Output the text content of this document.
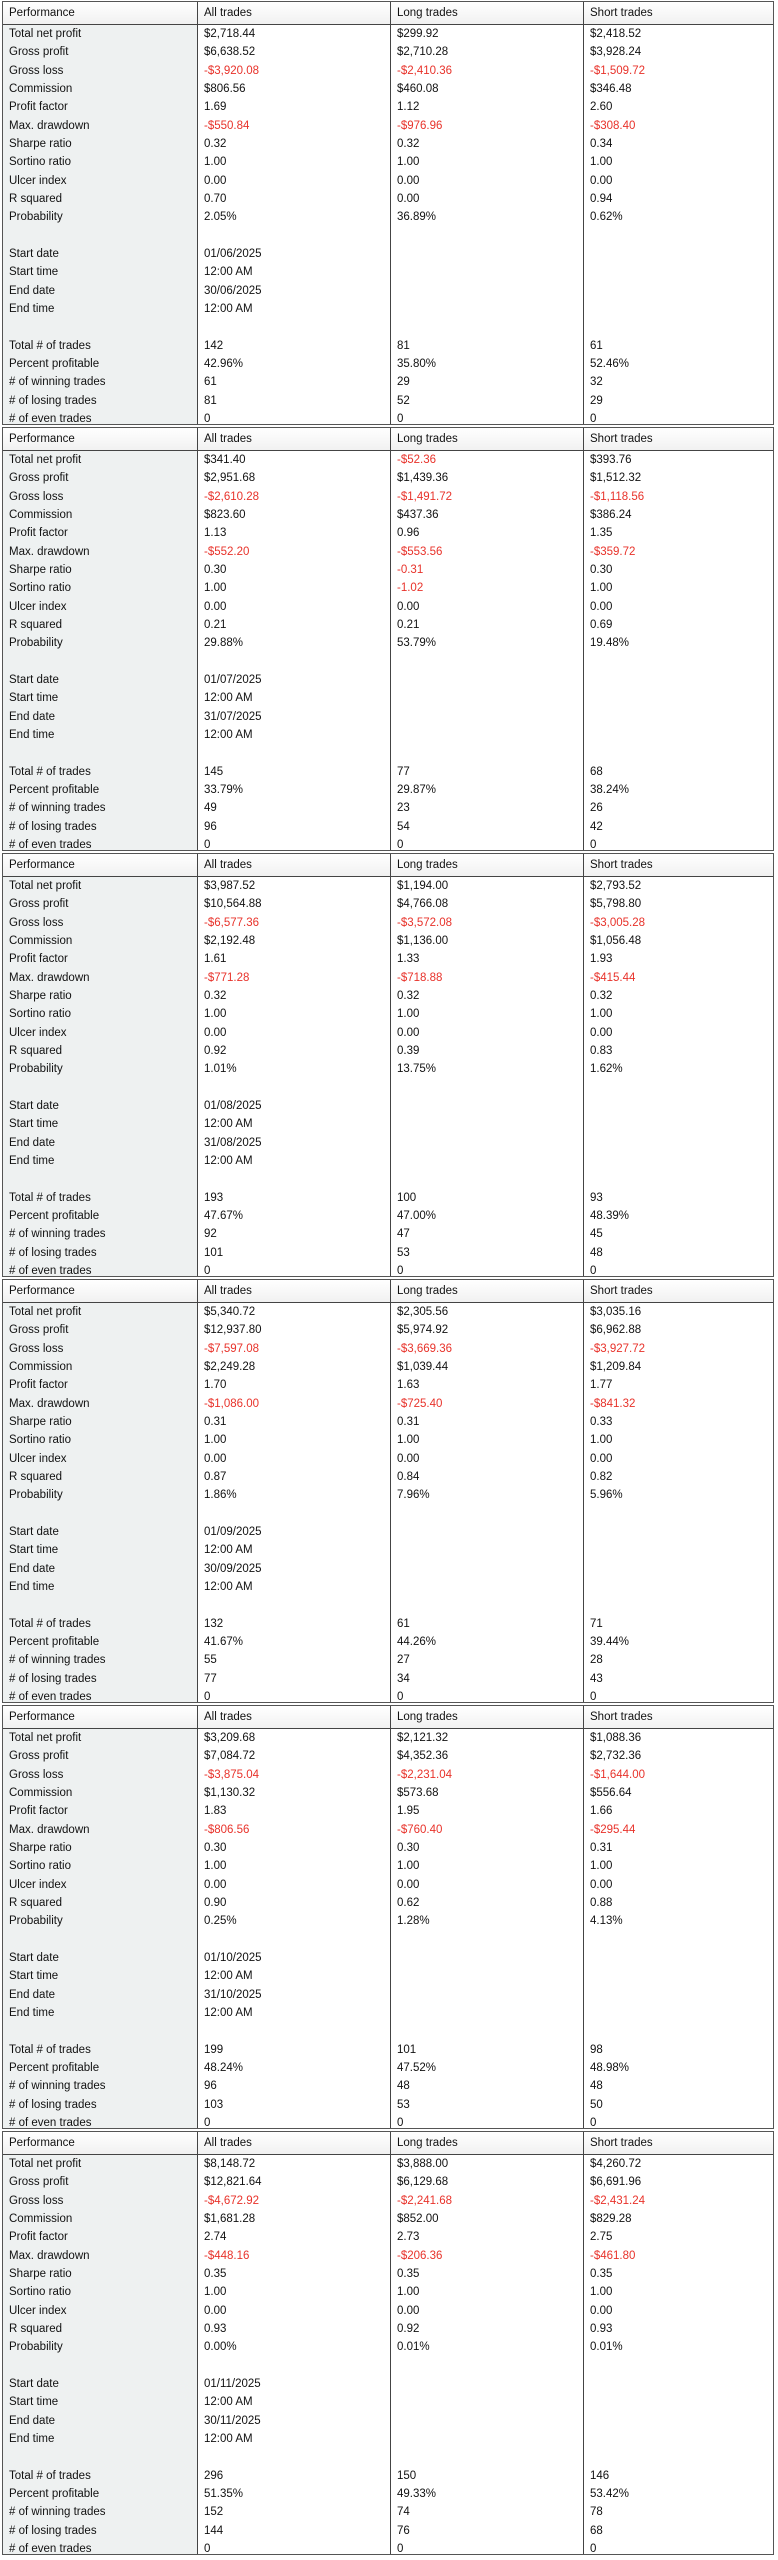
Performance	All trades	Long trades	Short trades
Total net profit	$2,718.44	$299.92	$2,418.52
Gross profit	$6,638.52	$2,710.28	$3,928.24
Gross loss	-$3,920.08	-$2,410.36	-$1,509.72
Commission	$806.56	$460.08	$346.48
Profit factor	1.69	1.12	2.60
Max. drawdown	-$550.84	-$976.96	-$308.40
Sharpe ratio	0.32	0.32	0.34
Sortino ratio	1.00	1.00	1.00
Ulcer index	0.00	0.00	0.00
R squared	0.70	0.00	0.94
Probability	2.05%	36.89%	0.62%
Start date	01/06/2025
Start time	12:00 AM
End date	30/06/2025
End time	12:00 AM
Total # of trades	142	81	61
Percent profitable	42.96%	35.80%	52.46%
# of winning trades	61	29	32
# of losing trades	81	52	29
# of even trades	0	0	0
Performance	All trades	Long trades	Short trades
Total net profit	$341.40	-$52.36	$393.76
Gross profit	$2,951.68	$1,439.36	$1,512.32
Gross loss	-$2,610.28	-$1,491.72	-$1,118.56
Commission	$823.60	$437.36	$386.24
Profit factor	1.13	0.96	1.35
Max. drawdown	-$552.20	-$553.56	-$359.72
Sharpe ratio	0.30	-0.31	0.30
Sortino ratio	1.00	-1.02	1.00
Ulcer index	0.00	0.00	0.00
R squared	0.21	0.21	0.69
Probability	29.88%	53.79%	19.48%
Start date	01/07/2025
Start time	12:00 AM
End date	31/07/2025
End time	12:00 AM
Total # of trades	145	77	68
Percent profitable	33.79%	29.87%	38.24%
# of winning trades	49	23	26
# of losing trades	96	54	42
# of even trades	0	0	0
Performance	All trades	Long trades	Short trades
Total net profit	$3,987.52	$1,194.00	$2,793.52
Gross profit	$10,564.88	$4,766.08	$5,798.80
Gross loss	-$6,577.36	-$3,572.08	-$3,005.28
Commission	$2,192.48	$1,136.00	$1,056.48
Profit factor	1.61	1.33	1.93
Max. drawdown	-$771.28	-$718.88	-$415.44
Sharpe ratio	0.32	0.32	0.32
Sortino ratio	1.00	1.00	1.00
Ulcer index	0.00	0.00	0.00
R squared	0.92	0.39	0.83
Probability	1.01%	13.75%	1.62%
Start date	01/08/2025
Start time	12:00 AM
End date	31/08/2025
End time	12:00 AM
Total # of trades	193	100	93
Percent profitable	47.67%	47.00%	48.39%
# of winning trades	92	47	45
# of losing trades	101	53	48
# of even trades	0	0	0
Performance	All trades	Long trades	Short trades
Total net profit	$5,340.72	$2,305.56	$3,035.16
Gross profit	$12,937.80	$5,974.92	$6,962.88
Gross loss	-$7,597.08	-$3,669.36	-$3,927.72
Commission	$2,249.28	$1,039.44	$1,209.84
Profit factor	1.70	1.63	1.77
Max. drawdown	-$1,086.00	-$725.40	-$841.32
Sharpe ratio	0.31	0.31	0.33
Sortino ratio	1.00	1.00	1.00
Ulcer index	0.00	0.00	0.00
R squared	0.87	0.84	0.82
Probability	1.86%	7.96%	5.96%
Start date	01/09/2025
Start time	12:00 AM
End date	30/09/2025
End time	12:00 AM
Total # of trades	132	61	71
Percent profitable	41.67%	44.26%	39.44%
# of winning trades	55	27	28
# of losing trades	77	34	43
# of even trades	0	0	0
Performance	All trades	Long trades	Short trades
Total net profit	$3,209.68	$2,121.32	$1,088.36
Gross profit	$7,084.72	$4,352.36	$2,732.36
Gross loss	-$3,875.04	-$2,231.04	-$1,644.00
Commission	$1,130.32	$573.68	$556.64
Profit factor	1.83	1.95	1.66
Max. drawdown	-$806.56	-$760.40	-$295.44
Sharpe ratio	0.30	0.30	0.31
Sortino ratio	1.00	1.00	1.00
Ulcer index	0.00	0.00	0.00
R squared	0.90	0.62	0.88
Probability	0.25%	1.28%	4.13%
Start date	01/10/2025
Start time	12:00 AM
End date	31/10/2025
End time	12:00 AM
Total # of trades	199	101	98
Percent profitable	48.24%	47.52%	48.98%
# of winning trades	96	48	48
# of losing trades	103	53	50
# of even trades	0	0	0
Performance	All trades	Long trades	Short trades
Total net profit	$8,148.72	$3,888.00	$4,260.72
Gross profit	$12,821.64	$6,129.68	$6,691.96
Gross loss	-$4,672.92	-$2,241.68	-$2,431.24
Commission	$1,681.28	$852.00	$829.28
Profit factor	2.74	2.73	2.75
Max. drawdown	-$448.16	-$206.36	-$461.80
Sharpe ratio	0.35	0.35	0.35
Sortino ratio	1.00	1.00	1.00
Ulcer index	0.00	0.00	0.00
R squared	0.93	0.92	0.93
Probability	0.00%	0.01%	0.01%
Start date	01/11/2025
Start time	12:00 AM
End date	30/11/2025
End time	12:00 AM
Total # of trades	296	150	146
Percent profitable	51.35%	49.33%	53.42%
# of winning trades	152	74	78
# of losing trades	144	76	68
# of even trades	0	0	0
